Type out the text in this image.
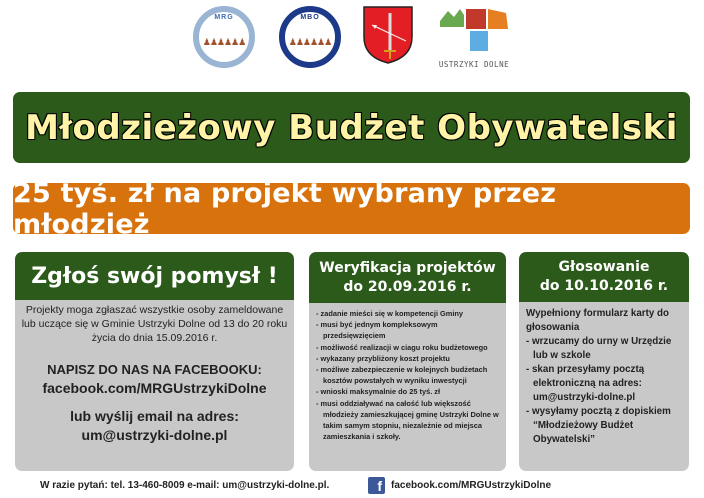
MRG
♟♟♟♟♟♟
MBO
♟♟♟♟♟♟
USTRZYKI DOLNE
Młodzieżowy Budżet Obywatelski
25 tyś. zł na projekt wybrany przez młodzież
Zgłoś swój pomysł !

Projekty moga zgłaszać wszystkie osoby zameldowane lub uczące się w Gminie Ustrzyki Dolne od 13 do 20 roku życia do dnia 15.09.2016 r.

NAPISZ DO NAS NA FACEBOOKU:

facebook.com/MRGUstrzykiDolne

lub wyślij email na adres:

um@ustrzyki-dolne.pl

Weryfikacja projektów
do 20.09.2016 r.
- zadanie mieści się w kompetencji Gminy
- musi być jednym kompleksowym przedsięwzięciem
- możliwość realizacji w ciagu roku budżetowego
- wykazany przybliżony koszt projektu
- możliwe zabezpieczenie w kolejnych budżetach kosztów powstałych w wyniku inwestycji
- wnioski maksymalnie do 25 tyś. zł
- musi oddziaływać na całość lub większość młodzieży zamieszkującej gminę Ustrzyki Dolne w takim samym stopniu, niezależnie od miejsca zamieszkania i szkoły.
Głosowanie
do 10.10.2016 r.

Wypełniony formularz karty do głosowania

- wrzucamy do urny w Urzędzie lub w szkole
- skan przesyłamy pocztą elektroniczną na adres: um@ustrzyki-dolne.pl
- wysyłamy pocztą z dopiskiem “Młodzieżowy Budżet Obywatelski”
W razie pytań: tel. 13-460-8009 e-mail: um@ustrzyki-dolne.pl.	f facebook.com/MRGUstrzykiDolne
